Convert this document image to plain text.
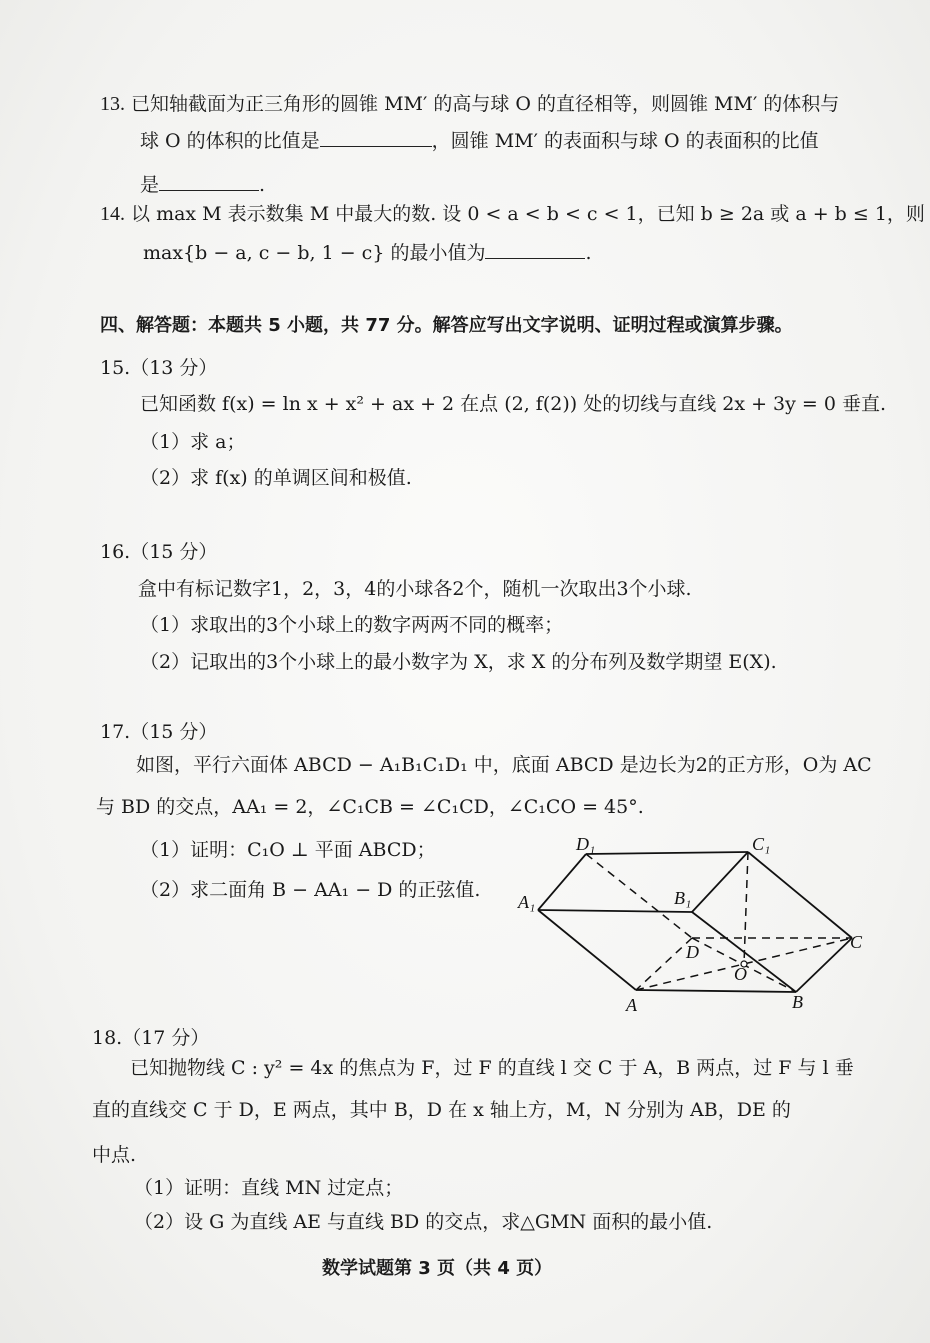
13. 已知轴截面为正三角形的圆锥 MM′ 的高与球 O 的直径相等，则圆锥 MM′ 的体积与
球 O 的体积的比值是	，圆锥 MM′ 的表面积与球 O 的表面积的比值
是	.
14. 以 max M 表示数集 M 中最大的数. 设 0 < a < b < c < 1，已知 b ≥ 2a 或 a + b ≤ 1，则
max{b − a, c − b, 1 − c} 的最小值为	.
四、解答题：本题共 5 小题，共 77 分。解答应写出文字说明、证明过程或演算步骤。
15.（13 分）
已知函数 f(x) = ln x + x² + ax + 2 在点 (2, f(2)) 处的切线与直线 2x + 3y = 0 垂直.
（1）求 a；
（2）求 f(x) 的单调区间和极值.
16.（15 分）
盒中有标记数字1，2，3，4的小球各2个，随机一次取出3个小球.
（1）求取出的3个小球上的数字两两不同的概率；
（2）记取出的3个小球上的最小数字为 X，求 X 的分布列及数学期望 E(X).
17.（15 分）
如图，平行六面体 ABCD − A₁B₁C₁D₁ 中，底面 ABCD 是边长为2的正方形，O为 AC
与 BD 的交点，AA₁ = 2，∠C₁CB = ∠C₁CD，∠C₁CO = 45°.
（1）证明：C₁O ⊥ 平面 ABCD；
（2）求二面角 B − AA₁ − D 的正弦值.
D₁	C₁
A₁	B₁
D	C
O
A	B
18.（17 分）
已知抛物线 C : y² = 4x 的焦点为 F，过 F 的直线 l 交 C 于 A，B 两点，过 F 与 l 垂
直的直线交 C 于 D，E 两点，其中 B，D 在 x 轴上方，M，N 分别为 AB，DE 的
中点.
（1）证明：直线 MN 过定点；
（2）设 G 为直线 AE 与直线 BD 的交点，求△GMN 面积的最小值.
数学试题第 3 页（共 4 页）
